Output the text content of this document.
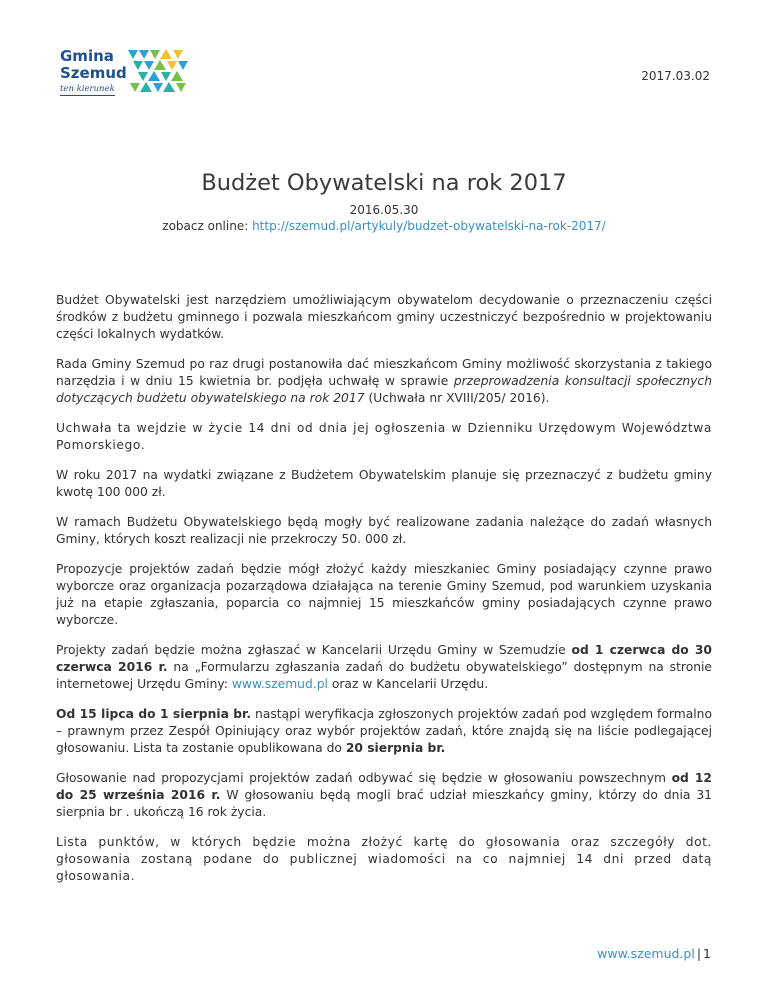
Gmina
Szemud
ten kierunek
2017.03.02
Budżet Obywatelski na rok 2017
2016.05.30
zobacz online: http://szemud.pl/artykuly/budzet-obywatelski-na-rok-2017/

Budżet Obywatelski jest narzędziem umożliwiającym obywatelom decydowanie o przeznaczeniu części środków z budżetu gminnego i pozwala mieszkańcom gminy uczestniczyć bezpośrednio w projektowaniu części lokalnych wydatków.

Rada Gminy Szemud po raz drugi postanowiła dać mieszkańcom Gminy możliwość skorzystania z takiego narzędzia i w dniu 15 kwietnia br. podjęła uchwałę w sprawie przeprowadzenia konsultacji społecznych dotyczących budżetu obywatelskiego na rok 2017 (Uchwała nr XVIII/205/ 2016).

Uchwała ta wejdzie w życie 14 dni od dnia jej ogłoszenia w Dzienniku Urzędowym Województwa Pomorskiego.

W roku 2017 na wydatki związane z Budżetem Obywatelskim planuje się przeznaczyć z budżetu gminy kwotę 100 000 zł.

W ramach Budżetu Obywatelskiego będą mogły być realizowane zadania należące do zadań własnych Gminy, których koszt realizacji nie przekroczy 50. 000 zł.

Propozycje projektów zadań będzie mógł złożyć każdy mieszkaniec Gminy posiadający czynne prawo wyborcze oraz organizacja pozarządowa działająca na terenie Gminy Szemud, pod warunkiem uzyskania już na etapie zgłaszania, poparcia co najmniej 15 mieszkańców gminy posiadających czynne prawo wyborcze.

Projekty zadań będzie można zgłaszać w Kancelarii Urzędu Gminy w Szemudzie od 1 czerwca do 30 czerwca 2016 r. na „Formularzu zgłaszania zadań do budżetu obywatelskiego” dostępnym na stronie internetowej Urzędu Gminy: www.szemud.pl oraz w Kancelarii Urzędu.

Od 15 lipca do 1 sierpnia br. nastąpi weryfikacja zgłoszonych projektów zadań pod względem formalno – prawnym przez Zespół Opiniujący oraz wybór projektów zadań, które znajdą się na liście podlegającej głosowaniu. Lista ta zostanie opublikowana do 20 sierpnia br.

Głosowanie nad propozycjami projektów zadań odbywać się będzie w głosowaniu powszechnym od 12 do 25 września 2016 r. W głosowaniu będą mogli brać udział mieszkańcy gminy, którzy do dnia 31 sierpnia br . ukończą 16 rok życia.

Lista punktów, w których będzie można złożyć kartę do głosowania oraz szczegóły dot. głosowania zostaną podane do publicznej wiadomości na co najmniej 14 dni przed datą głosowania.

www.szemud.pl | 1
